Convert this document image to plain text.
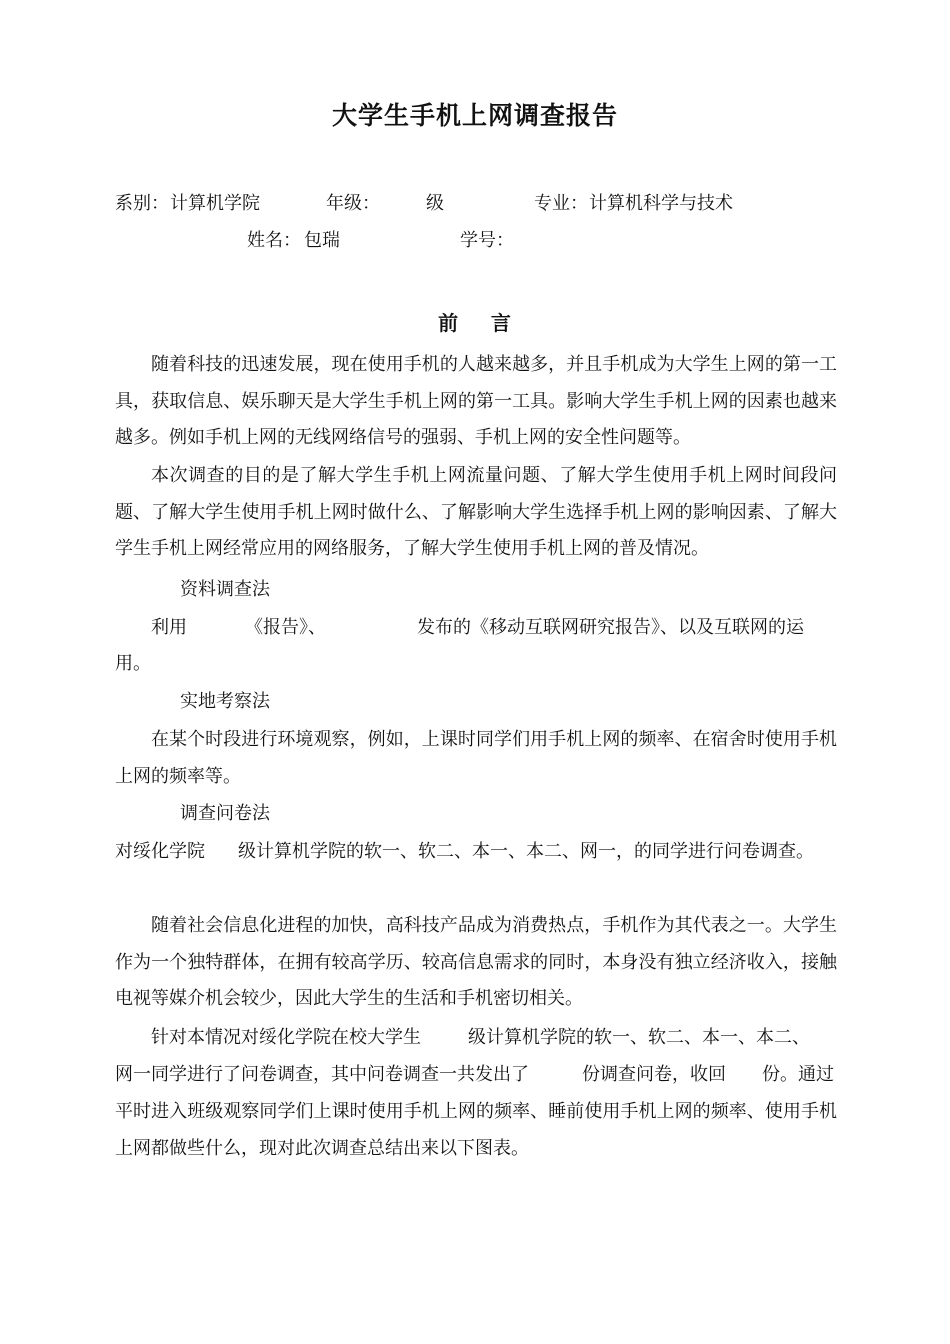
大学生手机上网调查报告
系别： 计算机学院	年级：	级	专业： 计算机科学与技术
姓名： 包瑞	学号：
前    言
随着科技的迅速发展，现在使用手机的人越来越多，并且手机成为大学生上网的第一工具，获取信息、娱乐聊天是大学生手机上网的第一工具。影响大学生手机上网的因素也越来越多。例如手机上网的无线网络信号的强弱、手机上网的安全性问题等。
本次调查的目的是了解大学生手机上网流量问题、了解大学生使用手机上网时间段问题、了解大学生使用手机上网时做什么、了解影响大学生选择手机上网的影响因素、了解大学生手机上网经常应用的网络服务，了解大学生使用手机上网的普及情况。
资料调查法
利用	《报告》、	发布的《移动互联网研究报告》、以及互联网的运
用。
实地考察法
在某个时段进行环境观察，例如，上课时同学们用手机上网的频率、在宿舍时使用手机上网的频率等。
调查问卷法
对绥化学院 级计算机学院的软一、软二、本一、本二、网一，的同学进行问卷调查。
随着社会信息化进程的加快，高科技产品成为消费热点，手机作为其代表之一。大学生作为一个独特群体，在拥有较高学历、较高信息需求的同时，本身没有独立经济收入，接触电视等媒介机会较少，因此大学生的生活和手机密切相关。
针对本情况对绥化学院在校大学生	级计算机学院的软一、软二、本一、本二、
网一同学进行了问卷调查，其中问卷调查一共发出了	份调查问卷，收回 份。通过
平时进入班级观察同学们上课时使用手机上网的频率、睡前使用手机上网的频率、使用手机上网都做些什么，现对此次调查总结出来以下图表。
